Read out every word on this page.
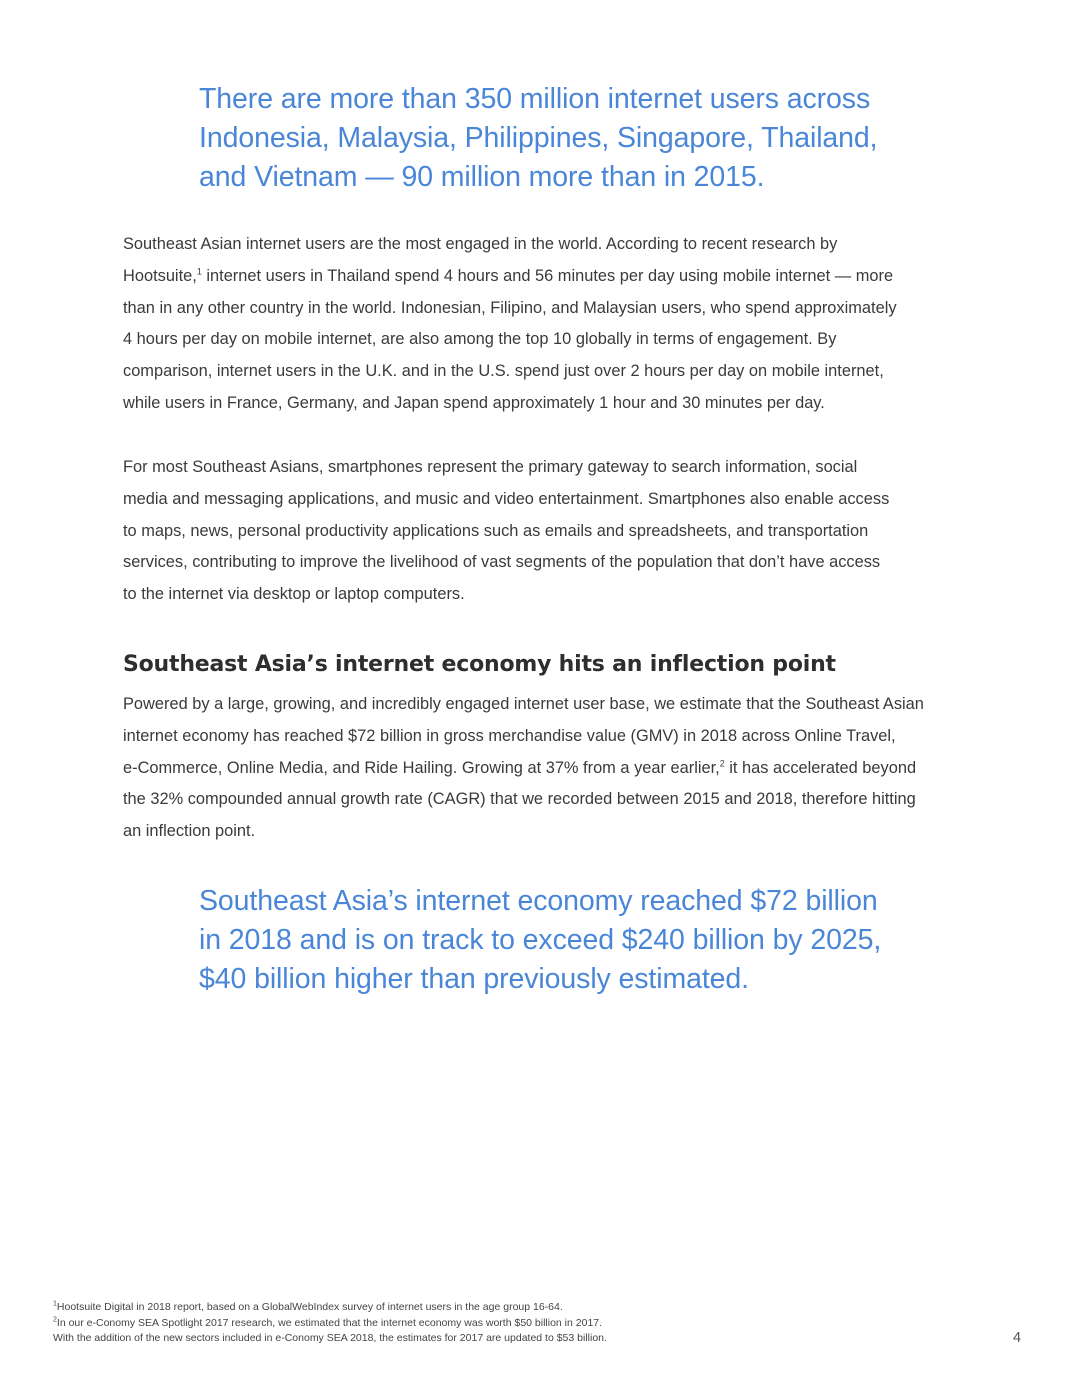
There are more than 350 million internet users across
Indonesia, Malaysia, Philippines, Singapore, Thailand,
and Vietnam — 90 million more than in 2015.
Southeast Asian internet users are the most engaged in the world. According to recent research by
Hootsuite,$^1$ internet users in Thailand spend 4 hours and 56 minutes per day using mobile internet — more
than in any other country in the world. Indonesian, Filipino, and Malaysian users, who spend approximately
4 hours per day on mobile internet, are also among the top 10 globally in terms of engagement. By
comparison, internet users in the U.K. and in the U.S. spend just over 2 hours per day on mobile internet,
while users in France, Germany, and Japan spend approximately 1 hour and 30 minutes per day.
For most Southeast Asians, smartphones represent the primary gateway to search information, social
media and messaging applications, and music and video entertainment. Smartphones also enable access
to maps, news, personal productivity applications such as emails and spreadsheets, and transportation
services, contributing to improve the livelihood of vast segments of the population that don’t have access
to the internet via desktop or laptop computers.
Southeast Asia’s internet economy hits an inflection point
Powered by a large, growing, and incredibly engaged internet user base, we estimate that the Southeast Asian
internet economy has reached $72 billion in gross merchandise value (GMV) in 2018 across Online Travel,
e-Commerce, Online Media, and Ride Hailing. Growing at 37% from a year earlier,$^2$ it has accelerated beyond
the 32% compounded annual growth rate (CAGR) that we recorded between 2015 and 2018, therefore hitting
an inflection point.
Southeast Asia’s internet economy reached $72 billion
in 2018 and is on track to exceed $240 billion by 2025,
$40 billion higher than previously estimated.
$^1$Hootsuite Digital in 2018 report, based on a GlobalWebIndex survey of internet users in the age group 16-64.
$^2$In our e-Conomy SEA Spotlight 2017 research, we estimated that the internet economy was worth $50 billion in 2017.
With the addition of the new sectors included in e-Conomy SEA 2018, the estimates for 2017 are updated to $53 billion.	4
